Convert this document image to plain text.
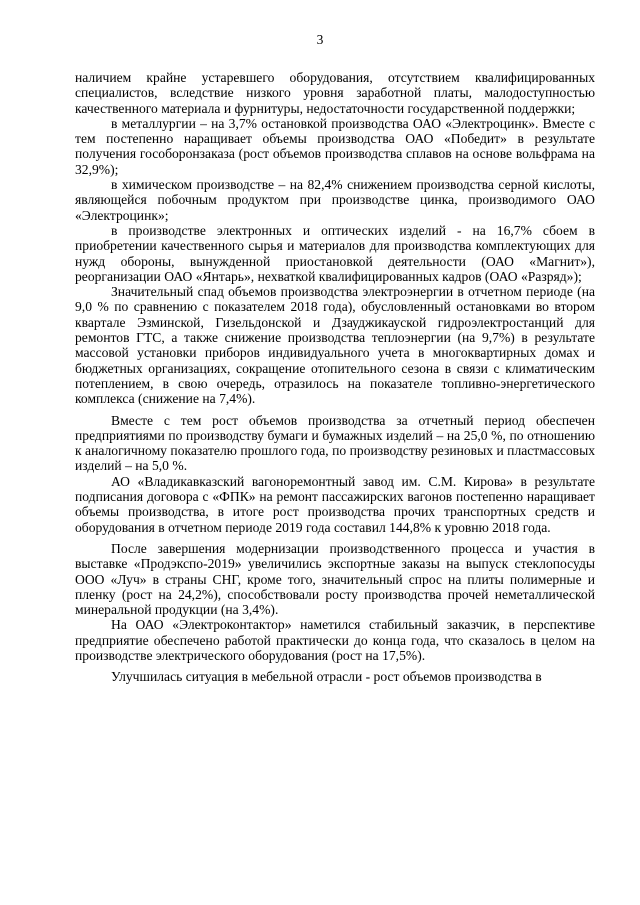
3

наличием крайне устаревшего оборудования, отсутствием квалифицированных специалистов, вследствие низкого уровня заработной платы, малодоступностью качественного материала и фурнитуры, недостаточности государственной поддержки;

в металлургии – на 3,7% остановкой производства ОАО «Электроцинк». Вместе с тем постепенно наращивает объемы производства ОАО «Победит» в результате получения гособоронзаказа (рост объемов производства сплавов на основе вольфрама на 32,9%);

в химическом производстве – на 82,4% снижением производства серной кислоты, являющейся побочным продуктом при производстве цинка, производимого ОАО «Электроцинк»;

в производстве электронных и оптических изделий - на 16,7% сбоем в приобретении качественного сырья и материалов для производства комплектующих для нужд обороны, вынужденной приостановкой деятельности (ОАО «Магнит»), реорганизации ОАО «Янтарь», нехваткой квалифицированных кадров (ОАО «Разряд»);

Значительный спад объемов производства электроэнергии в отчетном периоде (на 9,0 % по сравнению с показателем 2018 года), обусловленный остановками во втором квартале Эзминской, Гизельдонской и Дзауджикауской гидроэлектростанций для ремонтов ГТС, а также снижение производства теплоэнергии (на 9,7%) в результате массовой установки приборов индивидуального учета в многоквартирных домах и бюджетных организациях, сокращение отопительного сезона в связи с климатическим потеплением, в свою очередь, отразилось на показателе топливно-энергетического комплекса (снижение на 7,4%).

Вместе с тем рост объемов производства за отчетный период обеспечен предприятиями по производству бумаги и бумажных изделий – на 25,0 %, по отношению к аналогичному показателю прошлого года, по производству резиновых и пластмассовых изделий – на 5,0 %.

АО «Владикавказский вагоноремонтный завод им. С.М. Кирова» в результате подписания договора с «ФПК» на ремонт пассажирских вагонов постепенно наращивает объемы производства, в итоге рост производства прочих транспортных средств и оборудования в отчетном периоде 2019 года составил 144,8% к уровню 2018 года.

После завершения модернизации производственного процесса и участия в выставке «Продэкспо-2019» увеличились экспортные заказы на выпуск стеклопосуды ООО «Луч» в страны СНГ, кроме того, значительный спрос на плиты полимерные и пленку (рост на 24,2%), способствовали росту производства прочей неметаллической минеральной продукции (на 3,4%).

На ОАО «Электроконтактор» наметился стабильный заказчик, в перспективе предприятие обеспечено работой практически до конца года, что сказалось в целом на производстве электрического оборудования (рост на 17,5%).

Улучшилась ситуация в мебельной отрасли - рост объемов производства в
